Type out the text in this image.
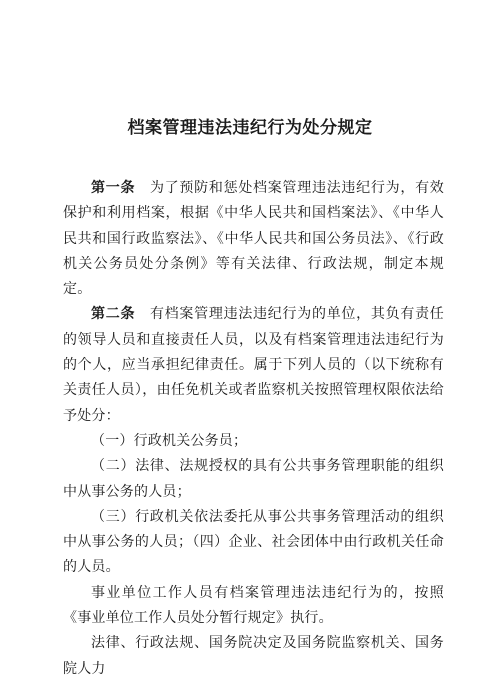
档案管理违法违纪行为处分规定

第一条　 为了预防和惩处档案管理违法违纪行为，有效保护和利用档案，根据《中华人民共和国档案法》、《中华人民共和国行政监察法》、《中华人民共和国公务员法》、《行政机关公务员处分条例》等有关法律、行政法规，制定本规定。

第二条　 有档案管理违法违纪行为的单位，其负有责任的领导人员和直接责任人员，以及有档案管理违法违纪行为的个人，应当承担纪律责任。属于下列人员的（以下统称有关责任人员），由任免机关或者监察机关按照管理权限依法给予处分：

（一）行政机关公务员；

（二）法律、法规授权的具有公共事务管理职能的组织中从事公务的人员；

（三）行政机关依法委托从事公共事务管理活动的组织中从事公务的人员；（四）企业、社会团体中由行政机关任命的人员。

事业单位工作人员有档案管理违法违纪行为的，按照《事业单位工作人员处分暂行规定》执行。

法律、行政法规、国务院决定及国务院监察机关、国务院人力
